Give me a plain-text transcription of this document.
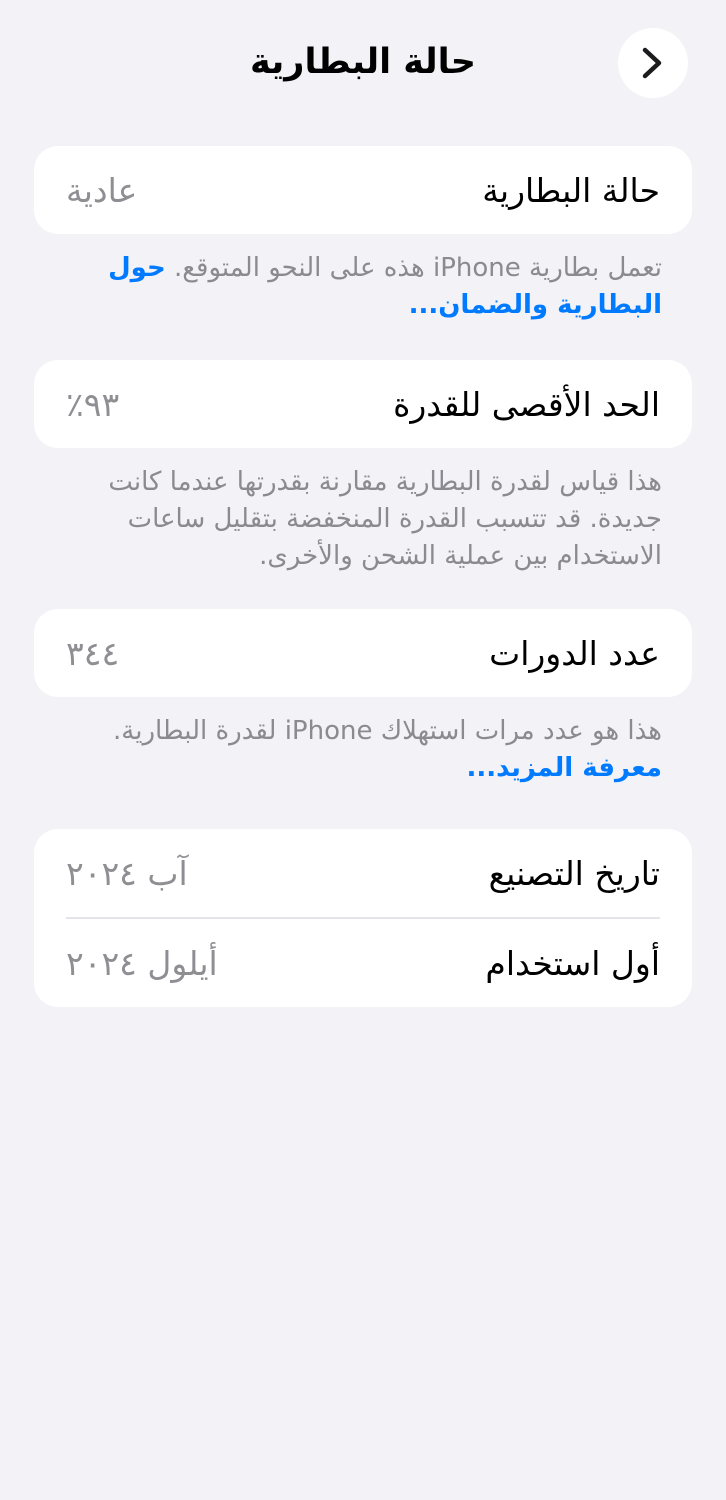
حالة البطارية
حالة البطارية
عادية

تعمل بطارية iPhone هذه على النحو المتوقع. حول البطارية والضمان...

الحد الأقصى للقدرة
٩٣٪

هذا قياس لقدرة البطارية مقارنة بقدرتها عندما كانت جديدة. قد تتسبب القدرة المنخفضة بتقليل ساعات الاستخدام بين عملية الشحن والأخرى.

عدد الدورات
٣٤٤

هذا هو عدد مرات استهلاك iPhone لقدرة البطارية. معرفة المزيد...

تاريخ التصنيع
آب ٢٠٢٤
أول استخدام
أيلول ٢٠٢٤
